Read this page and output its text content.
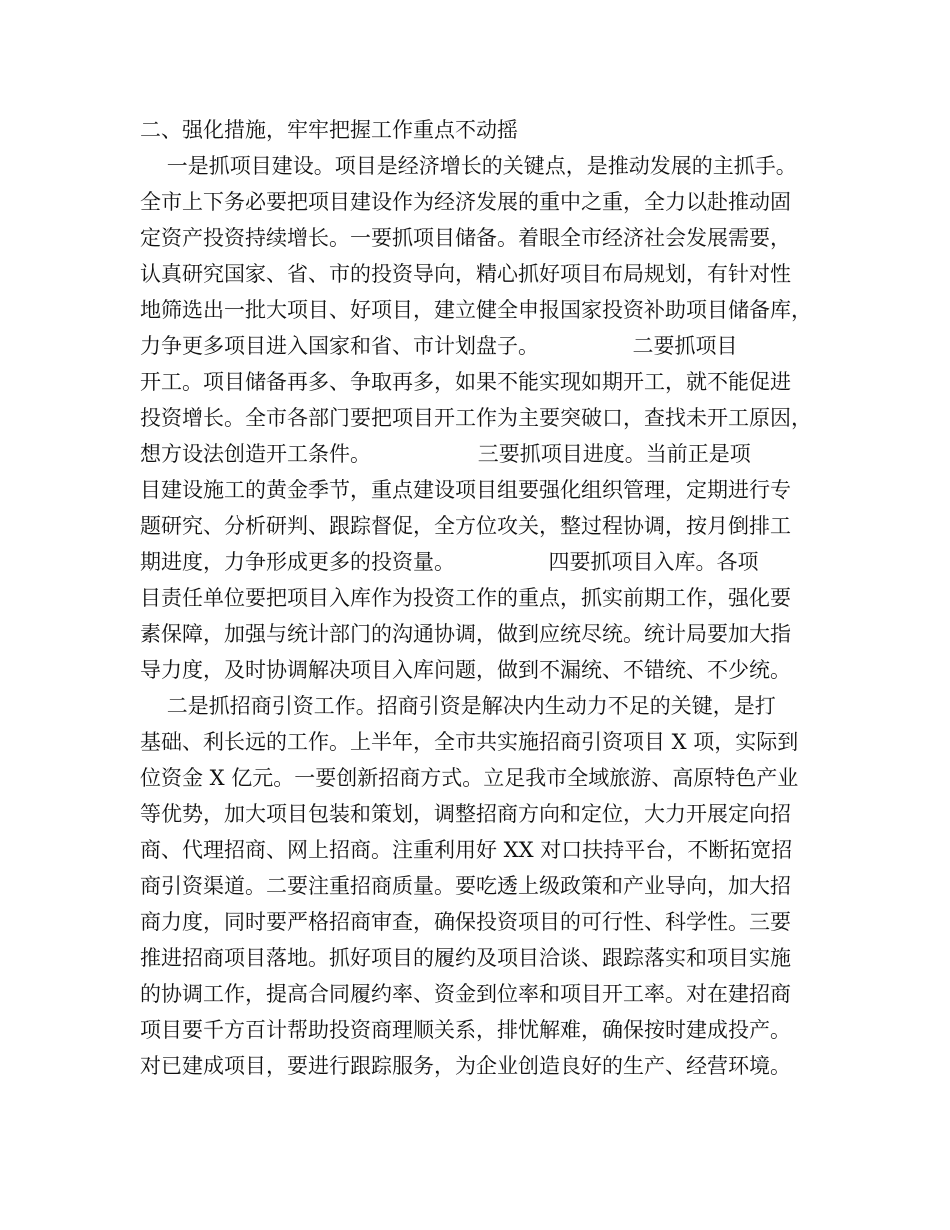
二、强化措施，牢牢把握工作重点不动摇
一是抓项目建设。项目是经济增长的关键点，是推动发展的主抓手。
全市上下务必要把项目建设作为经济发展的重中之重，全力以赴推动固
定资产投资持续增长。一要抓项目储备。着眼全市经济社会发展需要，
认真研究国家、省、市的投资导向，精心抓好项目布局规划，有针对性
地筛选出一批大项目、好项目，建立健全申报国家投资补助项目储备库，
力争更多项目进入国家和省、市计划盘子。              二要抓项目
开工。项目储备再多、争取再多，如果不能实现如期开工，就不能促进
投资增长。全市各部门要把项目开工作为主要突破口，查找未开工原因，
想方设法创造开工条件。                三要抓项目进度。当前正是项
目建设施工的黄金季节，重点建设项目组要强化组织管理，定期进行专
题研究、分析研判、跟踪督促，全方位攻关，整过程协调，按月倒排工
期进度，力争形成更多的投资量。              四要抓项目入库。各项
目责任单位要把项目入库作为投资工作的重点，抓实前期工作，强化要
素保障，加强与统计部门的沟通协调，做到应统尽统。统计局要加大指
导力度，及时协调解决项目入库问题，做到不漏统、不错统、不少统。
二是抓招商引资工作。招商引资是解决内生动力不足的关键，是打
基础、利长远的工作。上半年，全市共实施招商引资项目 X 项，实际到
位资金 X 亿元。一要创新招商方式。立足我市全域旅游、高原特色产业
等优势，加大项目包装和策划，调整招商方向和定位，大力开展定向招
商、代理招商、网上招商。注重利用好 XX 对口扶持平台，不断拓宽招
商引资渠道。二要注重招商质量。要吃透上级政策和产业导向，加大招
商力度，同时要严格招商审查，确保投资项目的可行性、科学性。三要
推进招商项目落地。抓好项目的履约及项目洽谈、跟踪落实和项目实施
的协调工作，提高合同履约率、资金到位率和项目开工率。对在建招商
项目要千方百计帮助投资商理顺关系，排忧解难，确保按时建成投产。
对已建成项目，要进行跟踪服务，为企业创造良好的生产、经营环境。
